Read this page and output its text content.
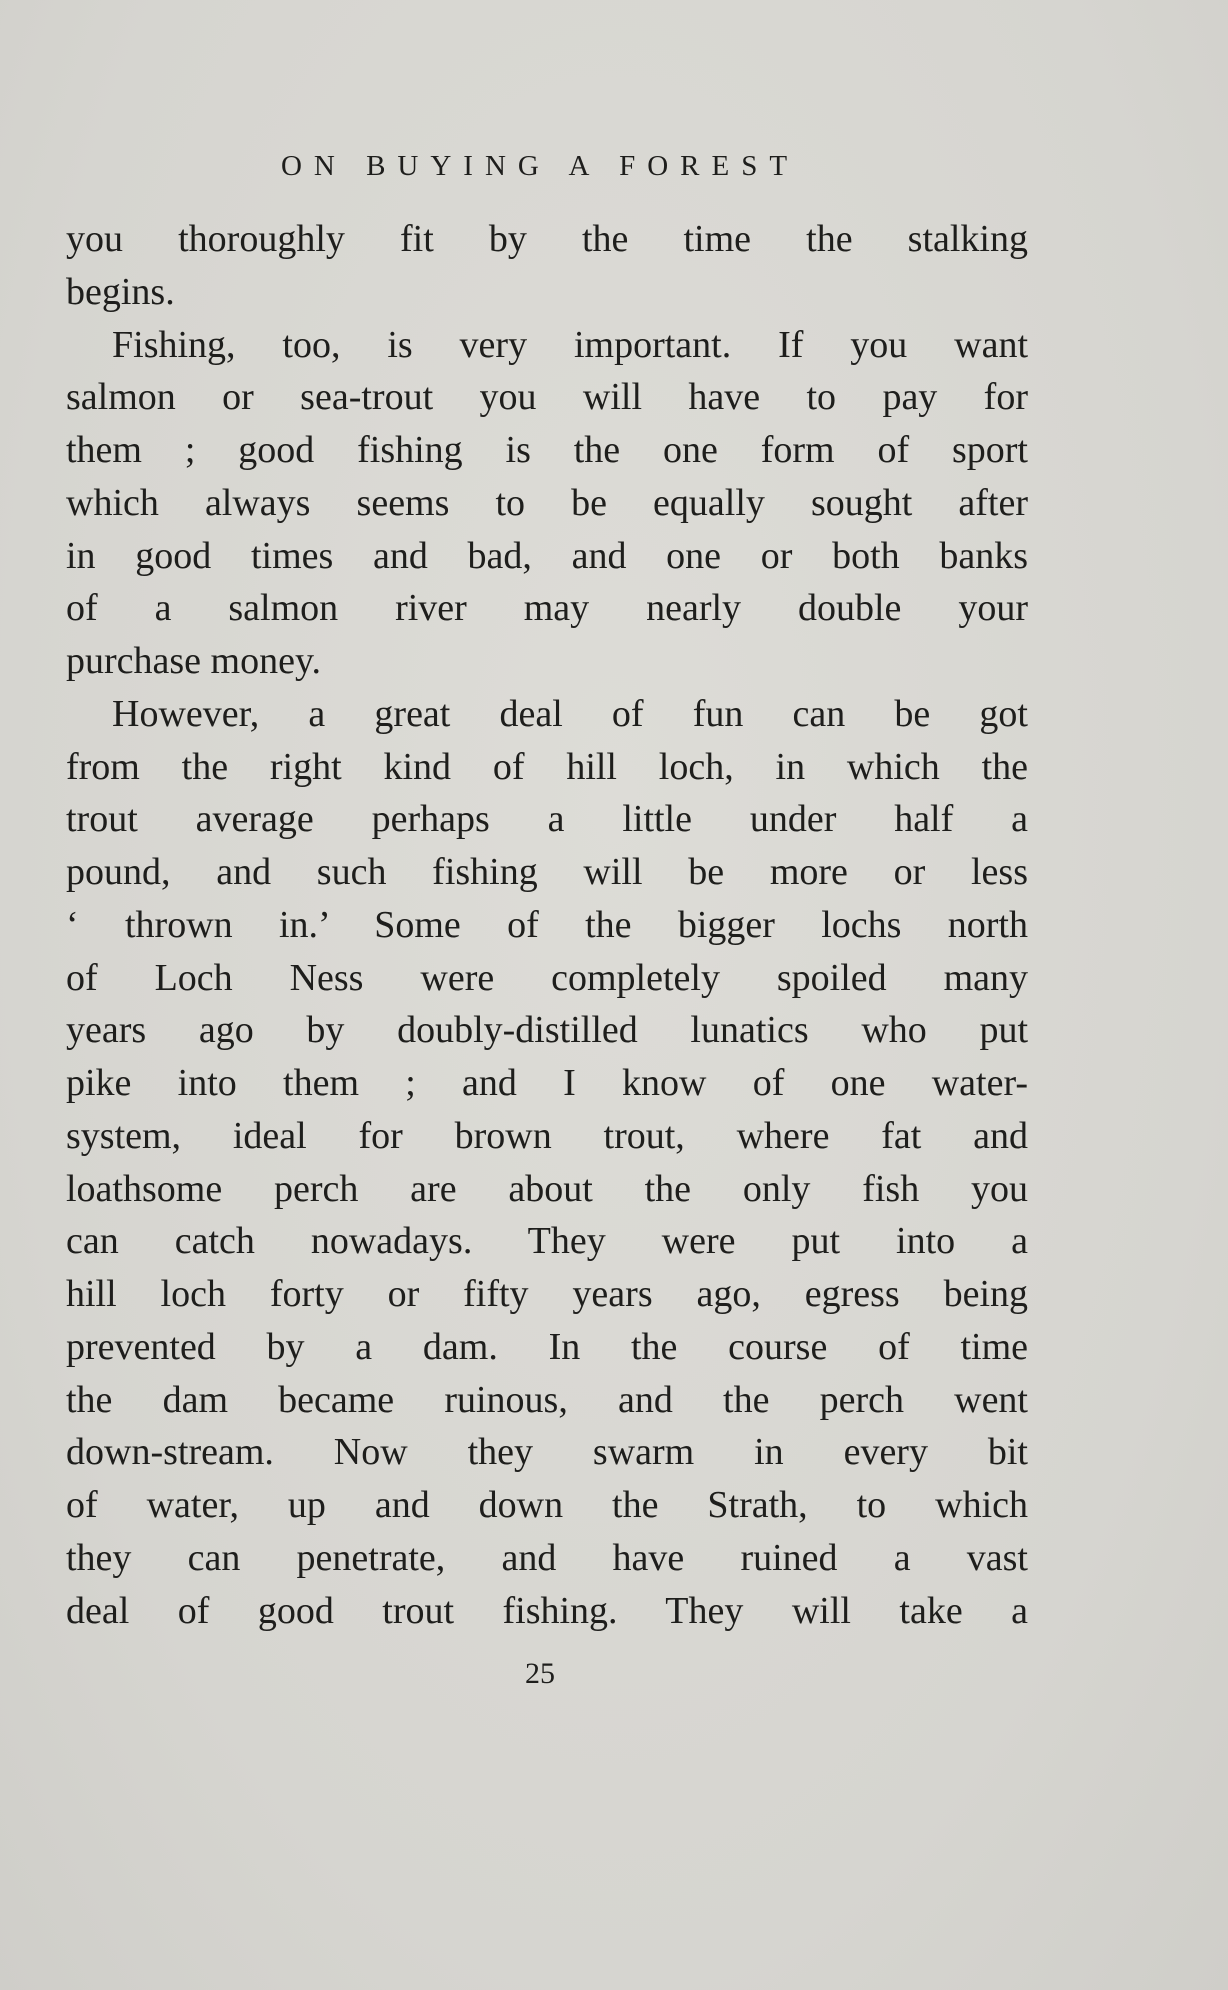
ON BUYING A FOREST
you thoroughly fit by the time the stalking
begins.
Fishing, too, is very important. If you want
salmon or sea-trout you will have to pay for
them ; good fishing is the one form of sport
which always seems to be equally sought after
in good times and bad, and one or both banks
of a salmon river may nearly double your
purchase money.
However, a great deal of fun can be got
from the right kind of hill loch, in which the
trout average perhaps a little under half a
pound, and such fishing will be more or less
‘ thrown in.’ Some of the bigger lochs north
of Loch Ness were completely spoiled many
years ago by doubly-distilled lunatics who put
pike into them ; and I know of one water-
system, ideal for brown trout, where fat and
loathsome perch are about the only fish you
can catch nowadays. They were put into a
hill loch forty or fifty years ago, egress being
prevented by a dam. In the course of time
the dam became ruinous, and the perch went
down-stream. Now they swarm in every bit
of water, up and down the Strath, to which
they can penetrate, and have ruined a vast
deal of good trout fishing. They will take a
25
